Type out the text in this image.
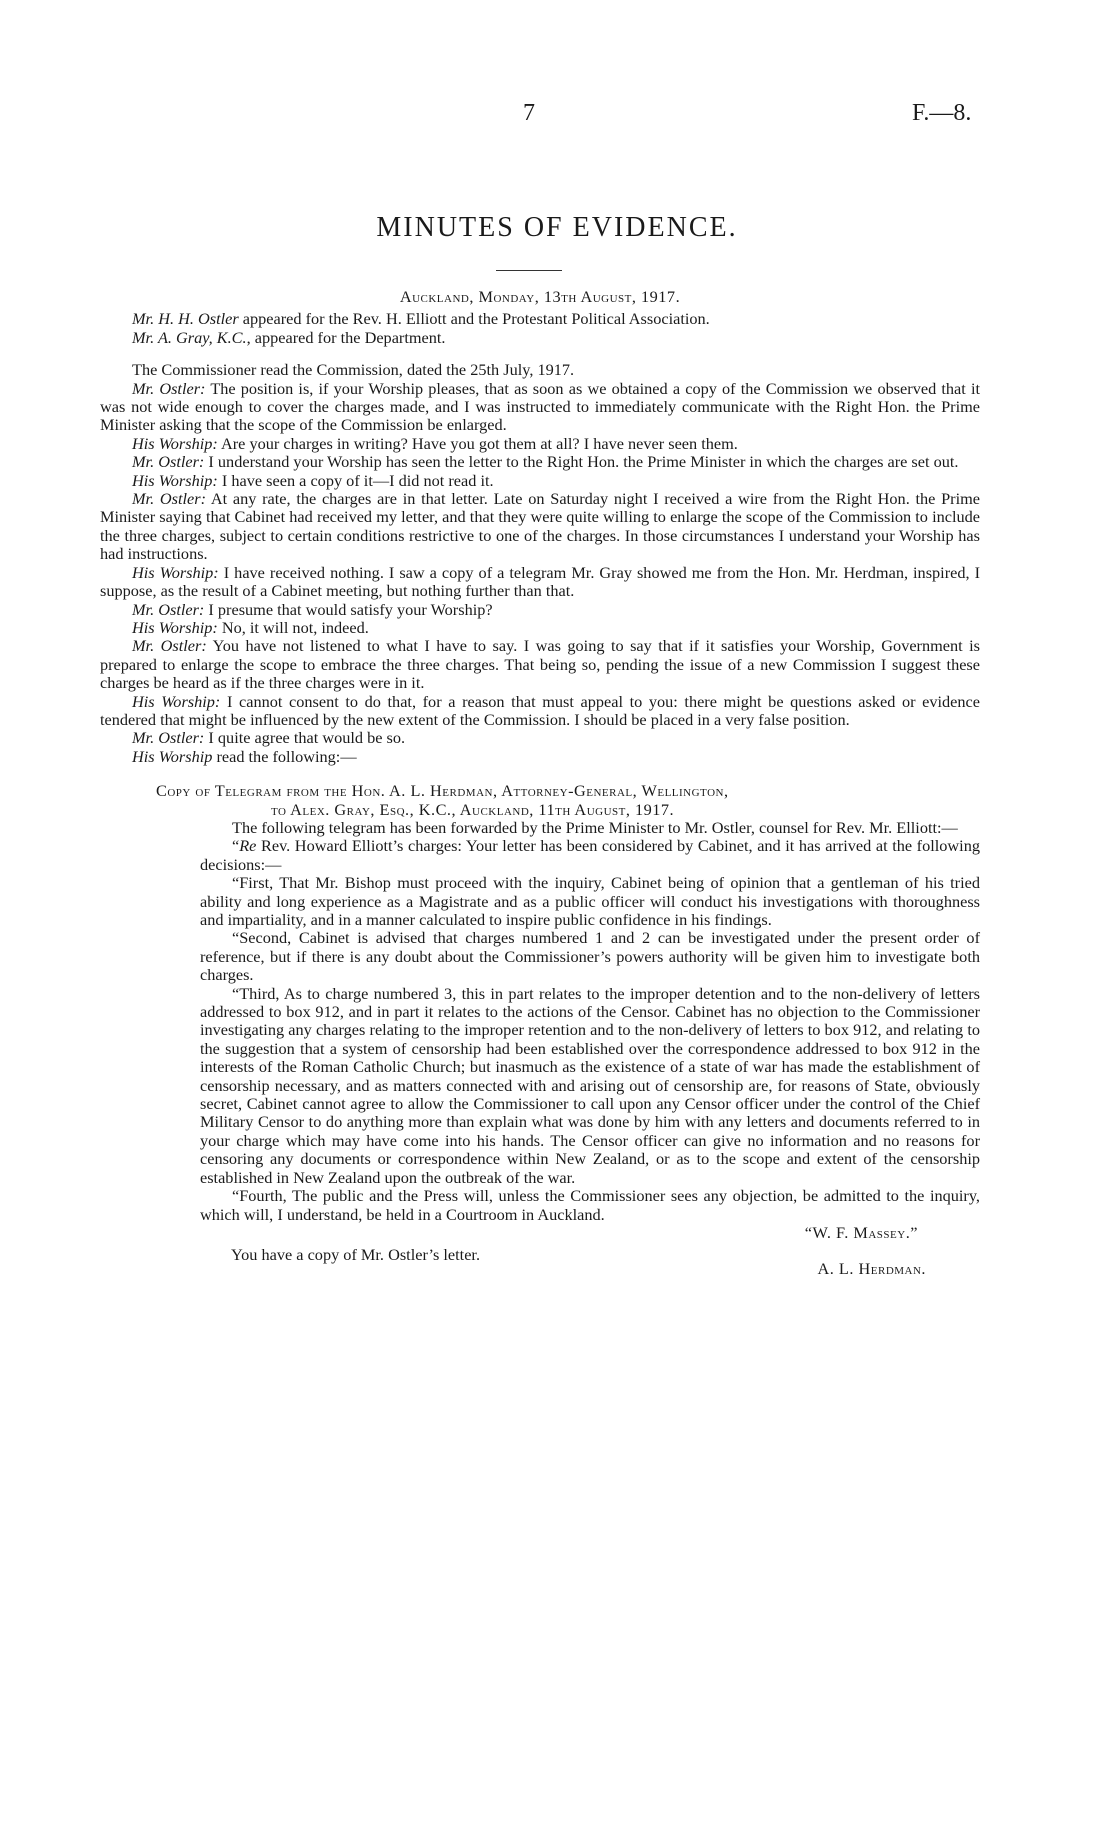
7	F.—8.
MINUTES OF EVIDENCE.

Auckland, Monday, 13th August, 1917.

Mr. H. H. Ostler appeared for the Rev. H. Elliott and the Protestant Political Association.

Mr. A. Gray, K.C., appeared for the Department.

The Commissioner read the Commission, dated the 25th July, 1917.

Mr. Ostler: The position is, if your Worship pleases, that as soon as we obtained a copy of the Commission we observed that it was not wide enough to cover the charges made, and I was instructed to immediately communicate with the Right Hon. the Prime Minister asking that the scope of the Commission be enlarged.

His Worship: Are your charges in writing? Have you got them at all? I have never seen them.

Mr. Ostler: I understand your Worship has seen the letter to the Right Hon. the Prime Minister in which the charges are set out.

His Worship: I have seen a copy of it—I did not read it.

Mr. Ostler: At any rate, the charges are in that letter. Late on Saturday night I received a wire from the Right Hon. the Prime Minister saying that Cabinet had received my letter, and that they were quite willing to enlarge the scope of the Commission to include the three charges, subject to certain conditions restrictive to one of the charges. In those circumstances I understand your Worship has had instructions.

His Worship: I have received nothing. I saw a copy of a telegram Mr. Gray showed me from the Hon. Mr. Herdman, inspired, I suppose, as the result of a Cabinet meeting, but nothing further than that.

Mr. Ostler: I presume that would satisfy your Worship?

His Worship: No, it will not, indeed.

Mr. Ostler: You have not listened to what I have to say. I was going to say that if it satisfies your Worship, Government is prepared to enlarge the scope to embrace the three charges. That being so, pending the issue of a new Commission I suggest these charges be heard as if the three charges were in it.

His Worship: I cannot consent to do that, for a reason that must appeal to you: there might be questions asked or evidence tendered that might be influenced by the new extent of the Commission. I should be placed in a very false position.

Mr. Ostler: I quite agree that would be so.

His Worship read the following:—

Copy of Telegram from the Hon. A. L. Herdman, Attorney-General, Wellington,
to Alex. Gray, Esq., K.C., Auckland, 11th August, 1917.

The following telegram has been forwarded by the Prime Minister to Mr. Ostler, counsel for Rev. Mr. Elliott:—

“Re Rev. Howard Elliott’s charges: Your letter has been considered by Cabinet, and it has arrived at the following decisions:—

“First, That Mr. Bishop must proceed with the inquiry, Cabinet being of opinion that a gentleman of his tried ability and long experience as a Magistrate and as a public officer will conduct his investigations with thoroughness and impartiality, and in a manner calculated to inspire public confidence in his findings.

“Second, Cabinet is advised that charges numbered 1 and 2 can be investigated under the present order of reference, but if there is any doubt about the Commissioner’s powers authority will be given him to investigate both charges.

“Third, As to charge numbered 3, this in part relates to the improper detention and to the non-delivery of letters addressed to box 912, and in part it relates to the actions of the Censor. Cabinet has no objection to the Commissioner investigating any charges relating to the improper retention and to the non-delivery of letters to box 912, and relating to the suggestion that a system of censorship had been established over the correspondence addressed to box 912 in the interests of the Roman Catholic Church; but inasmuch as the existence of a state of war has made the establishment of censorship necessary, and as matters connected with and arising out of censorship are, for reasons of State, obviously secret, Cabinet cannot agree to allow the Commissioner to call upon any Censor officer under the control of the Chief Military Censor to do anything more than explain what was done by him with any letters and documents referred to in your charge which may have come into his hands. The Censor officer can give no information and no reasons for censoring any documents or correspondence within New Zealand, or as to the scope and extent of the censorship established in New Zealand upon the outbreak of the war.

“Fourth, The public and the Press will, unless the Commissioner sees any objection, be admitted to the inquiry, which will, I understand, be held in a Courtroom in Auckland.

“W. F. Massey.”

You have a copy of Mr. Ostler’s letter.
A. L. Herdman.
